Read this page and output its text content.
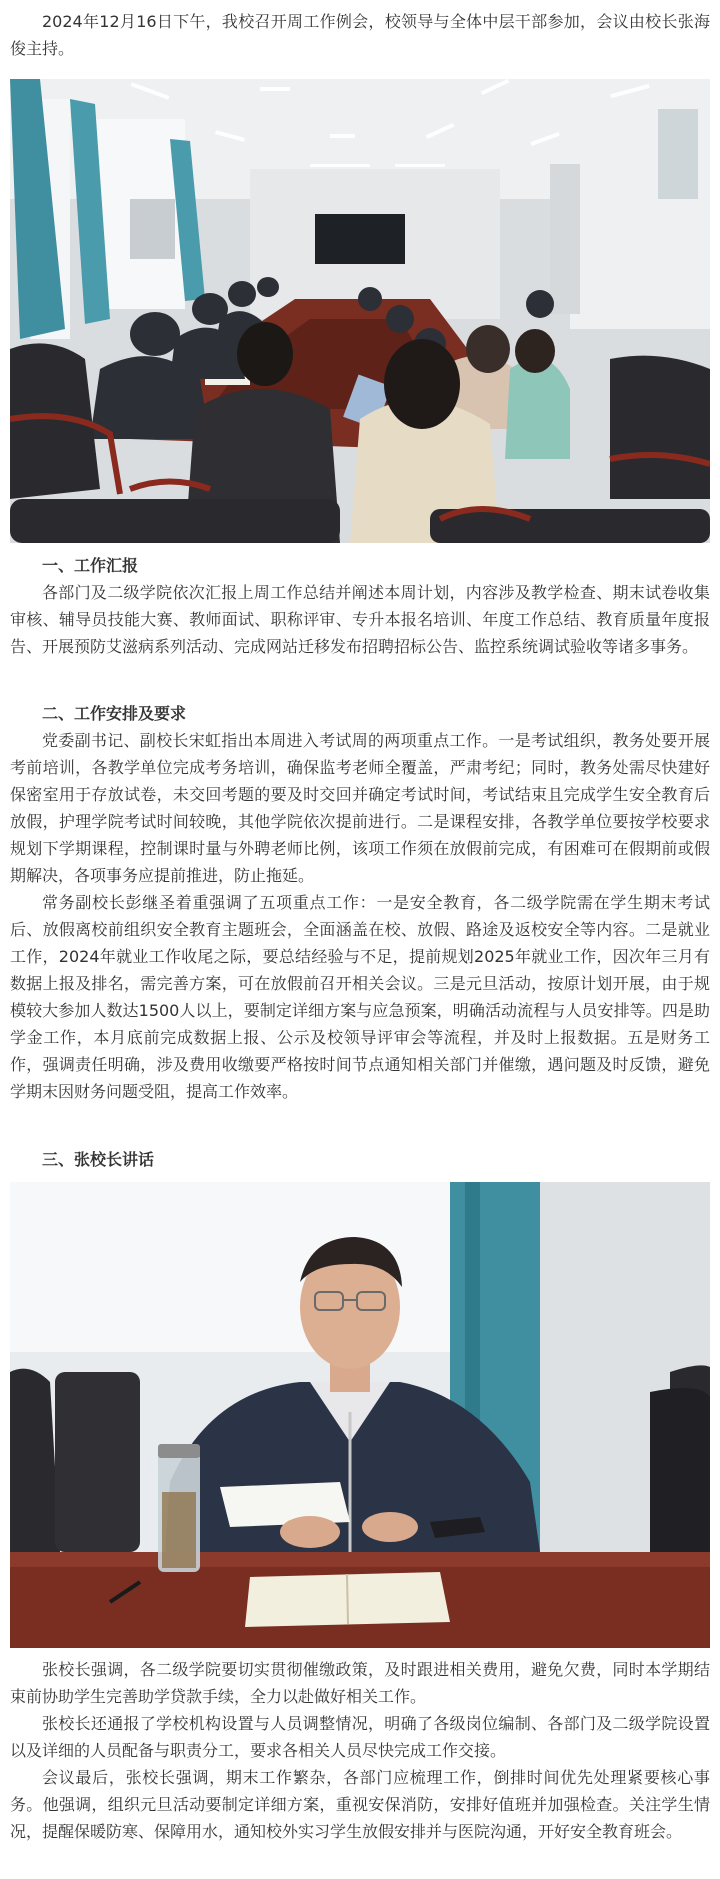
2024年12月16日下午，我校召开周工作例会，校领导与全体中层干部参加，会议由校长张海俊主持。

一、工作汇报

各部门及二级学院依次汇报上周工作总结并阐述本周计划，内容涉及教学检查、期末试卷收集审核、辅导员技能大赛、教师面试、职称评审、专升本报名培训、年度工作总结、教育质量年度报告、开展预防艾滋病系列活动、完成网站迁移发布招聘招标公告、监控系统调试验收等诸多事务。

二、工作安排及要求

党委副书记、副校长宋虹指出本周进入考试周的两项重点工作。一是考试组织，教务处要开展考前培训，各教学单位完成考务培训，确保监考老师全覆盖，严肃考纪；同时，教务处需尽快建好保密室用于存放试卷，未交回考题的要及时交回并确定考试时间，考试结束且完成学生安全教育后放假，护理学院考试时间较晚，其他学院依次提前进行。二是课程安排，各教学单位要按学校要求规划下学期课程，控制课时量与外聘老师比例，该项工作须在放假前完成，有困难可在假期前或假期解决，各项事务应提前推进，防止拖延。

常务副校长彭继圣着重强调了五项重点工作：一是安全教育，各二级学院需在学生期末考试后、放假离校前组织安全教育主题班会，全面涵盖在校、放假、路途及返校安全等内容。二是就业工作，2024年就业工作收尾之际，要总结经验与不足，提前规划2025年就业工作，因次年三月有数据上报及排名，需完善方案，可在放假前召开相关会议。三是元旦活动，按原计划开展，由于规模较大参加人数达1500人以上，要制定详细方案与应急预案，明确活动流程与人员安排等。四是助学金工作，本月底前完成数据上报、公示及校领导评审会等流程，并及时上报数据。五是财务工作，强调责任明确，涉及费用收缴要严格按时间节点通知相关部门并催缴，遇问题及时反馈，避免学期末因财务问题受阻，提高工作效率。

三、张校长讲话

张校长强调，各二级学院要切实贯彻催缴政策，及时跟进相关费用，避免欠费，同时本学期结束前协助学生完善助学贷款手续，全力以赴做好相关工作。

张校长还通报了学校机构设置与人员调整情况，明确了各级岗位编制、各部门及二级学院设置以及详细的人员配备与职责分工，要求各相关人员尽快完成工作交接。

会议最后，张校长强调，期末工作繁杂，各部门应梳理工作，倒排时间优先处理紧要核心事务。他强调，组织元旦活动要制定详细方案，重视安保消防，安排好值班并加强检查。关注学生情况，提醒保暖防寒、保障用水，通知校外实习学生放假安排并与医院沟通，开好安全教育班会。
